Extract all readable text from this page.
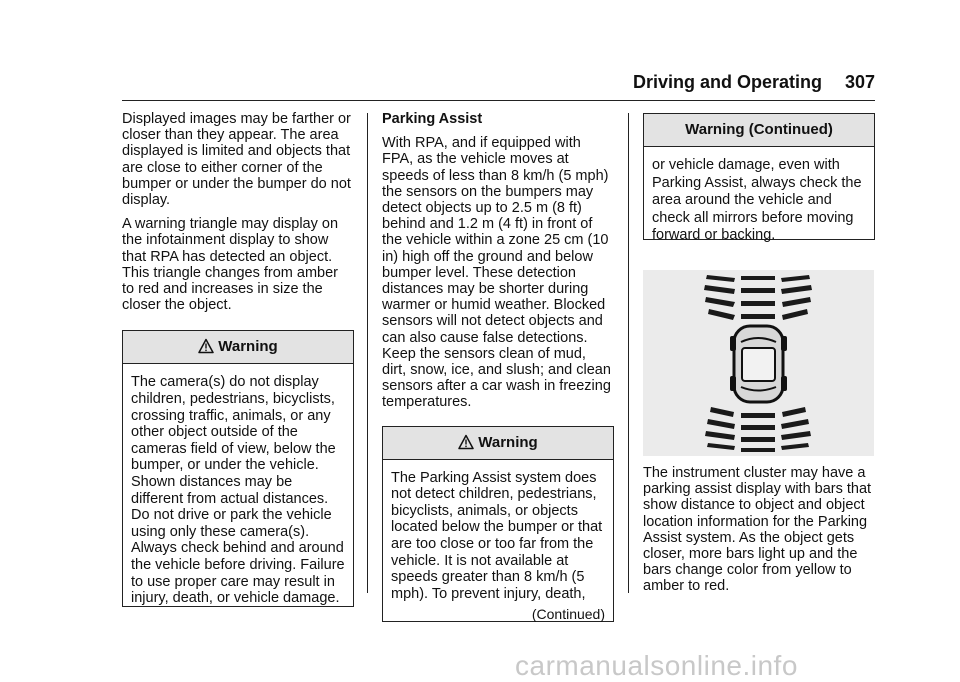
Driving and Operating 307

Displayed images may be farther or closer than they appear. The area displayed is limited and objects that are close to either corner of the bumper or under the bumper do not display.

A warning triangle may display on the infotainment display to show that RPA has detected an object. This triangle changes from amber to red and increases in size the closer the object.

Warning
The camera(s) do not display children, pedestrians, bicyclists, crossing traffic, animals, or any other object outside of the cameras field of view, below the bumper, or under the vehicle. Shown distances may be different from actual distances. Do not drive or park the vehicle using only these camera(s). Always check behind and around the vehicle before driving. Failure to use proper care may result in injury, death, or vehicle damage.

Parking Assist

With RPA, and if equipped with FPA, as the vehicle moves at speeds of less than 8 km/h (5 mph) the sensors on the bumpers may detect objects up to 2.5 m (8 ft) behind and 1.2 m (4 ft) in front of the vehicle within a zone 25 cm (10 in) high off the ground and below bumper level. These detection distances may be shorter during warmer or humid weather. Blocked sensors will not detect objects and can also cause false detections. Keep the sensors clean of mud, dirt, snow, ice, and slush; and clean sensors after a car wash in freezing temperatures.

Warning
The Parking Assist system does not detect children, pedestrians, bicyclists, animals, or objects located below the bumper or that are too close or too far from the vehicle. It is not available at speeds greater than 8 km/h (5 mph). To prevent injury, death,
(Continued)
Warning (Continued)
or vehicle damage, even with Parking Assist, always check the area around the vehicle and check all mirrors before moving forward or backing.

The instrument cluster may have a parking assist display with bars that show distance to object and object location information for the Parking Assist system. As the object gets closer, more bars light up and the bars change color from yellow to amber to red.

carmanualsonline.info
